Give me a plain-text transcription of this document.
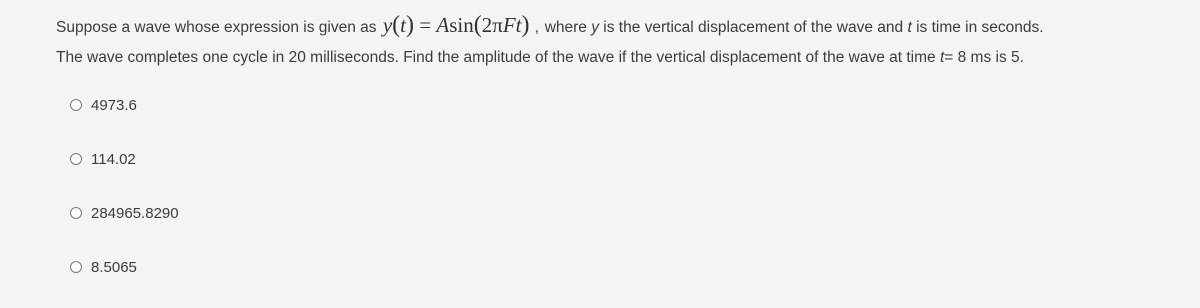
Suppose a wave whose expression is given as y(t) = Asin(2πFt) ,  where y is the vertical displacement of the wave and t is time in seconds.
The wave completes one cycle in 20 milliseconds. Find the amplitude of the wave if the vertical displacement of the wave at time t= 8 ms is 5.
4973.6
114.02
284965.8290
8.5065
